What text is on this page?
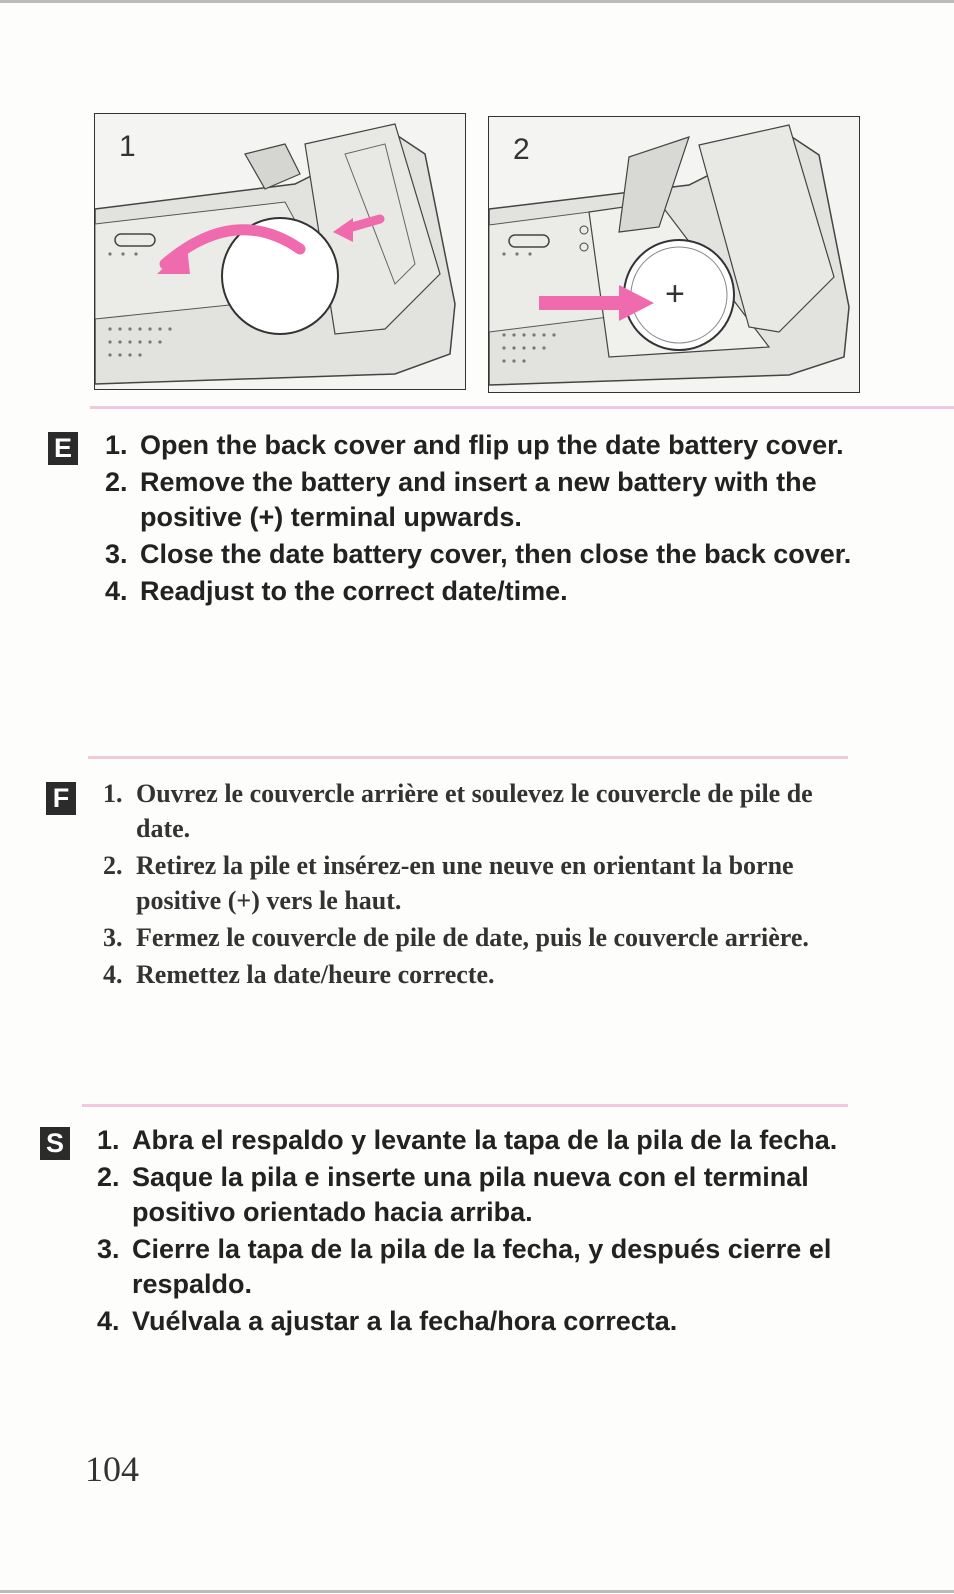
1	2
+
E 1. Open the back cover and flip up the date battery cover.
2. Remove the battery and insert a new battery with the positive (+) terminal upwards.
3. Close the date battery cover, then close the back cover.
4. Readjust to the correct date/time.
F 1. Ouvrez le couvercle arrière et soulevez le couvercle de pile de date.
2. Retirez la pile et insérez-en une neuve en orientant la borne positive (+) vers le haut.
3. Fermez le couvercle de pile de date, puis le couvercle arrière.
4. Remettez la date/heure correcte.
S 1. Abra el respaldo y levante la tapa de la pila de la fecha.
2. Saque la pila e inserte una pila nueva con el terminal positivo orientado hacia arriba.
3. Cierre la tapa de la pila de la fecha, y después cierre el respaldo.
4. Vuélvala a ajustar a la fecha/hora correcta.
104
